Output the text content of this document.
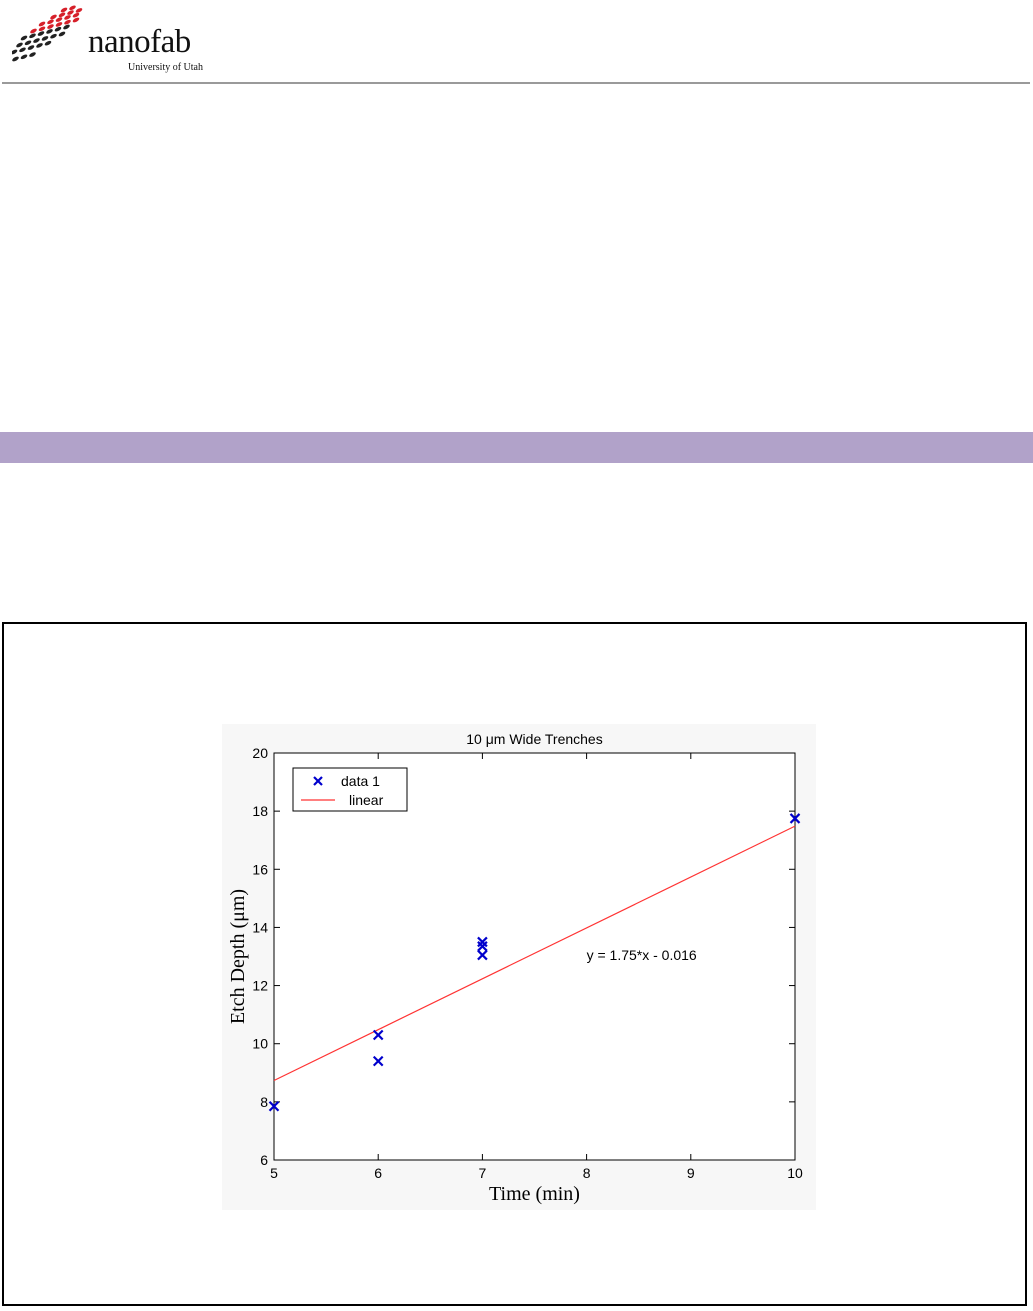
nanofab
University of Utah
5	6	7	8	9	10
6
8
10
12
14
16
18
20
10 μm Wide Trenches
Time (min)
Etch Depth (μm)	y = 1.75*x - 0.016
data 1
linear
